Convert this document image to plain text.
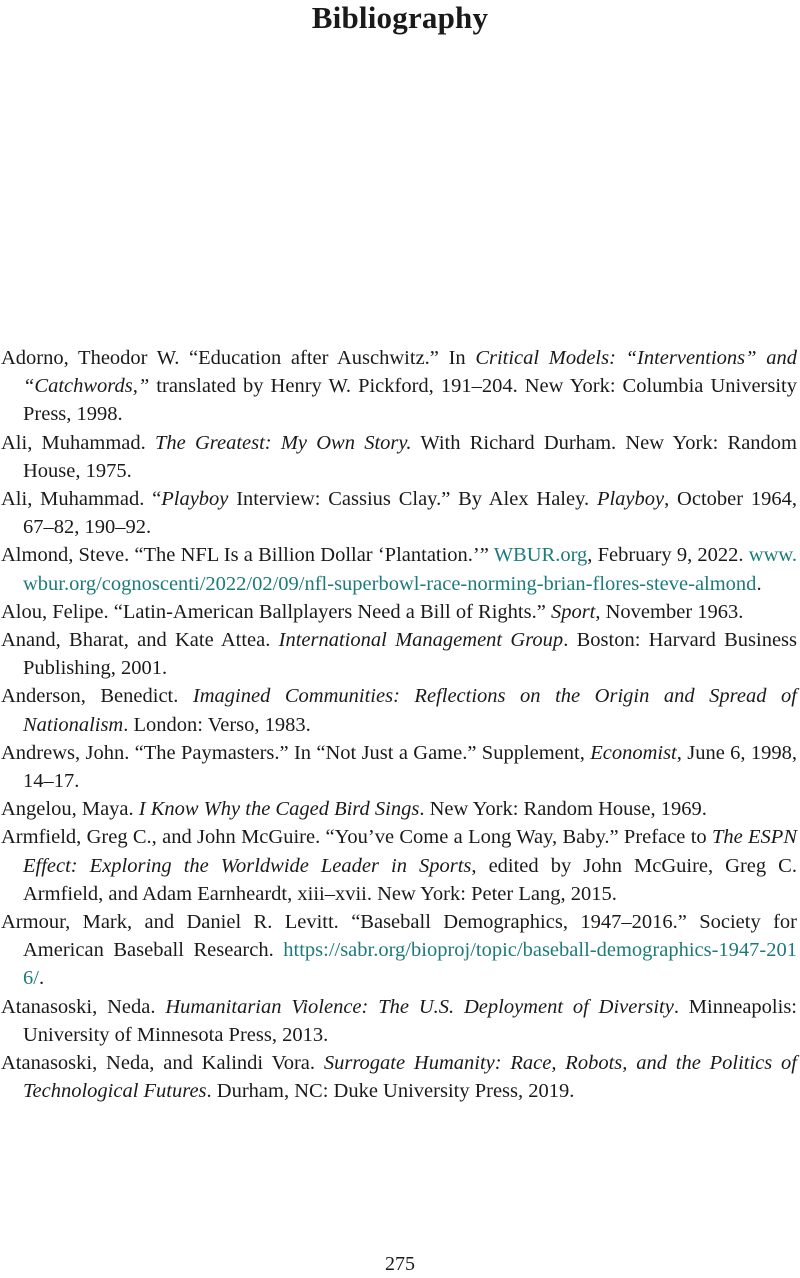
Bibliography
Adorno, Theodor W. “Education after Auschwitz.” In Critical Models: “Interventions” and “Catchwords,” translated by Henry W. Pickford, 191–204. New York: Columbia University Press, 1998.
Ali, Muhammad. The Greatest: My Own Story. With Richard Durham. New York: Random House, 1975.
Ali, Muhammad. “Playboy Interview: Cassius Clay.” By Alex Haley. Playboy, October 1964, 67–82, 190–92.
Almond, Steve. “The NFL Is a Billion Dollar ‘Plantation.’” WBUR.org, February 9, 2022. www.wbur.org/cognoscenti/2022/02/09/nfl-superbowl-race-norming-brian-flores-steve-almond.
Alou, Felipe. “Latin-American Ballplayers Need a Bill of Rights.” Sport, November 1963.
Anand, Bharat, and Kate Attea. International Management Group. Boston: Harvard Business Publishing, 2001.
Anderson, Benedict. Imagined Communities: Reflections on the Origin and Spread of Nationalism. London: Verso, 1983.
Andrews, John. “The Paymasters.” In “Not Just a Game.” Supplement, Economist, June 6, 1998, 14–17.
Angelou, Maya. I Know Why the Caged Bird Sings. New York: Random House, 1969.
Armfield, Greg C., and John McGuire. “You’ve Come a Long Way, Baby.” Preface to The ESPN Effect: Exploring the Worldwide Leader in Sports, edited by John McGuire, Greg C. Armfield, and Adam Earnheardt, xiii–xvii. New York: Peter Lang, 2015.
Armour, Mark, and Daniel R. Levitt. “Baseball Demographics, 1947–2016.” Society for American Baseball Research. https://sabr.org/bioproj/topic/baseball-demographics-1947-2016/.
Atanasoski, Neda. Humanitarian Violence: The U.S. Deployment of Diversity. Minneapolis: University of Minnesota Press, 2013.
Atanasoski, Neda, and Kalindi Vora. Surrogate Humanity: Race, Robots, and the Politics of Technological Futures. Durham, NC: Duke University Press, 2019.
275
